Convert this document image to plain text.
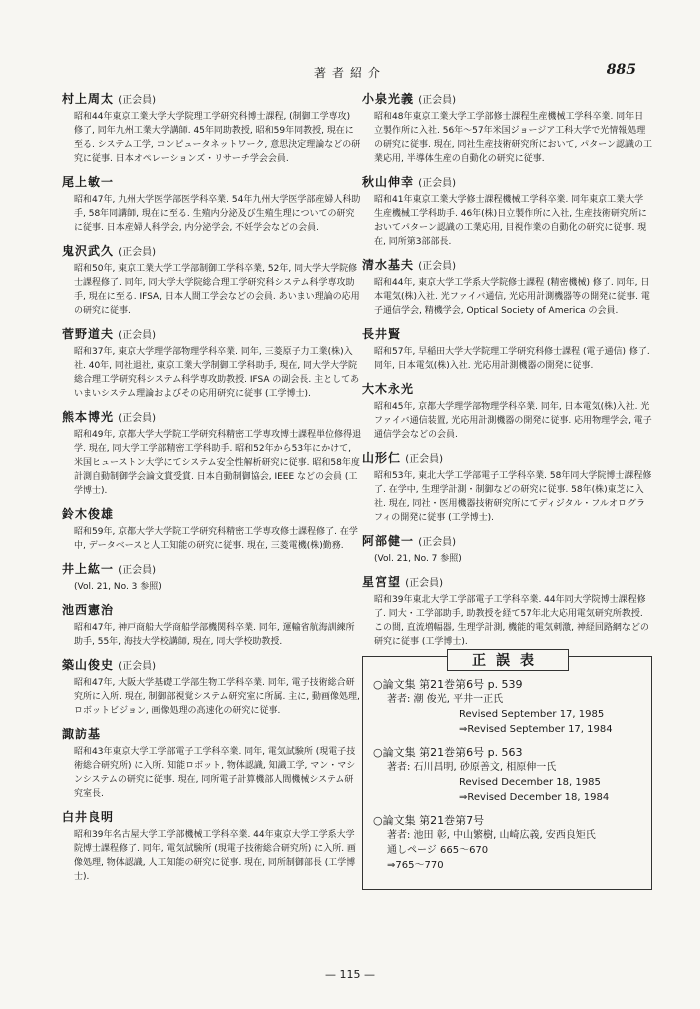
著者紹介	885
村上周太 (正会員)
昭和44年東京工業大学大学院理工学研究科博士課程, (制御工学専攻) 修了, 同年九州工業大学講師. 45年同助教授, 昭和59年同教授, 現在に至る. システム工学, コンピュータネットワーク, 意思決定理論などの研究に従事. 日本オペレーションズ・リサーチ学会会員.
尾上敏一
昭和47年, 九州大学医学部医学科卒業. 54年九州大学医学部産婦人科助手, 58年同講師, 現在に至る. 生殖内分泌及び生殖生理についての研究に従事. 日本産婦人科学会, 内分泌学会, 不妊学会などの会員.
鬼沢武久 (正会員)
昭和50年, 東京工業大学工学部制御工学科卒業, 52年, 同大学大学院修士課程修了. 同年, 同大学大学院総合理工学研究科システム科学専攻助手, 現在に至る. IFSA, 日本人間工学会などの会員. あいまい理論の応用の研究に従事.
菅野道夫 (正会員)
昭和37年, 東京大学理学部物理学科卒業. 同年, 三菱原子力工業(株)入社. 40年, 同社退社, 東京工業大学制御工学科助手, 現在, 同大学大学院総合理工学研究科システム科学専攻助教授. IFSA の副会長. 主としてあいまいシステム理論およびその応用研究に従事 (工学博士).
熊本博光 (正会員)
昭和49年, 京都大学大学院工学研究科精密工学専攻博士課程単位修得退学. 現在, 同大学工学部精密工学科助手. 昭和52年から53年にかけて, 米国ヒューストン大学にてシステム安全性解析研究に従事. 昭和58年度計測自動制御学会論文賞受賞. 日本自動制御協会, IEEE などの会員 (工学博士).
鈴木俊雄
昭和59年, 京都大学大学院工学研究科精密工学専攻修士課程修了. 在学中, データベースと人工知能の研究に従事. 現在, 三菱電機(株)勤務.
井上紘一 (正会員)
(Vol. 21, No. 3 参照)
池西憲治
昭和47年, 神戸商船大学商船学部機関科卒業. 同年, 運輸省航海訓練所助手, 55年, 海技大学校講師, 現在, 同大学校助教授.
築山俊史 (正会員)
昭和47年, 大阪大学基礎工学部生物工学科卒業. 同年, 電子技術総合研究所に入所. 現在, 制御部視覚システム研究室に所属. 主に, 動画像処理, ロボットビジョン, 画像処理の高速化の研究に従事.
諏訪基
昭和43年東京大学工学部電子工学科卒業. 同年, 電気試験所 (現電子技術総合研究所) に入所. 知能ロボット, 物体認識, 知識工学, マン・マシンシステムの研究に従事. 現在, 同所電子計算機部人間機械システム研究室長.
白井良明
昭和39年名古屋大学工学部機械工学科卒業. 44年東京大学工学系大学院博士課程修了. 同年, 電気試験所 (現電子技術総合研究所) に入所. 画像処理, 物体認識, 人工知能の研究に従事. 現在, 同所制御部長 (工学博士).
小泉光義 (正会員)
昭和48年東京工業大学工学部修士課程生産機械工学科卒業. 同年日立製作所に入社. 56年～57年米国ジョージア工科大学で光情報処理の研究に従事. 現在, 同社生産技術研究所において, パターン認識の工業応用, 半導体生産の自動化の研究に従事.
秋山伸幸 (正会員)
昭和41年東京工業大学修士課程機械工学科卒業. 同年東京工業大学生産機械工学科助手. 46年(株)日立製作所に入社, 生産技術研究所においてパターン認識の工業応用, 目視作業の自動化の研究に従事. 現在, 同所第3部部長.
清水基夫 (正会員)
昭和44年, 東京大学工学系大学院修士課程 (精密機械) 修了. 同年, 日本電気(株)入社. 光ファイバ通信, 光応用計測機器等の開発に従事. 電子通信学会, 精機学会, Optical Society of America の会員.
長井賢
昭和57年, 早稲田大学大学院理工学研究科修士課程 (電子通信) 修了. 同年, 日本電気(株)入社. 光応用計測機器の開発に従事.
大木永光
昭和45年, 京都大学理学部物理学科卒業. 同年, 日本電気(株)入社. 光ファイバ通信装置, 光応用計測機器の開発に従事. 応用物理学会, 電子通信学会などの会員.
山形仁 (正会員)
昭和53年, 東北大学工学部電子工学科卒業. 58年同大学院博士課程修了. 在学中, 生理学計測・制御などの研究に従事. 58年(株)東芝に入社. 現在, 同社・医用機器技術研究所にてディジタル・フルオログラフィの開発に従事 (工学博士).
阿部健一 (正会員)
(Vol. 21, No. 7 参照)
星宮望 (正会員)
昭和39年東北大学工学部電子工学科卒業. 44年同大学院博士課程修了. 同大・工学部助手, 助教授を経て57年北大応用電気研究所教授. この間, 直流増幅器, 生理学計測, 機能的電気刺激, 神経回路網などの研究に従事 (工学博士).
正誤表
○論文集 第21巻第6号 p. 539
著者: 潮 俊光, 平井一正氏
Revised September 17, 1985
⇒Revised September 17, 1984
○論文集 第21巻第6号 p. 563
著者: 石川昌明, 砂原善文, 相原伸一氏
Revised December 18, 1985
⇒Revised December 18, 1984
○論文集 第21巻第7号
著者: 池田 彰, 中山繁樹, 山崎広義, 安西良矩氏
通しページ 665～670
⇒765～770
— 115 —
